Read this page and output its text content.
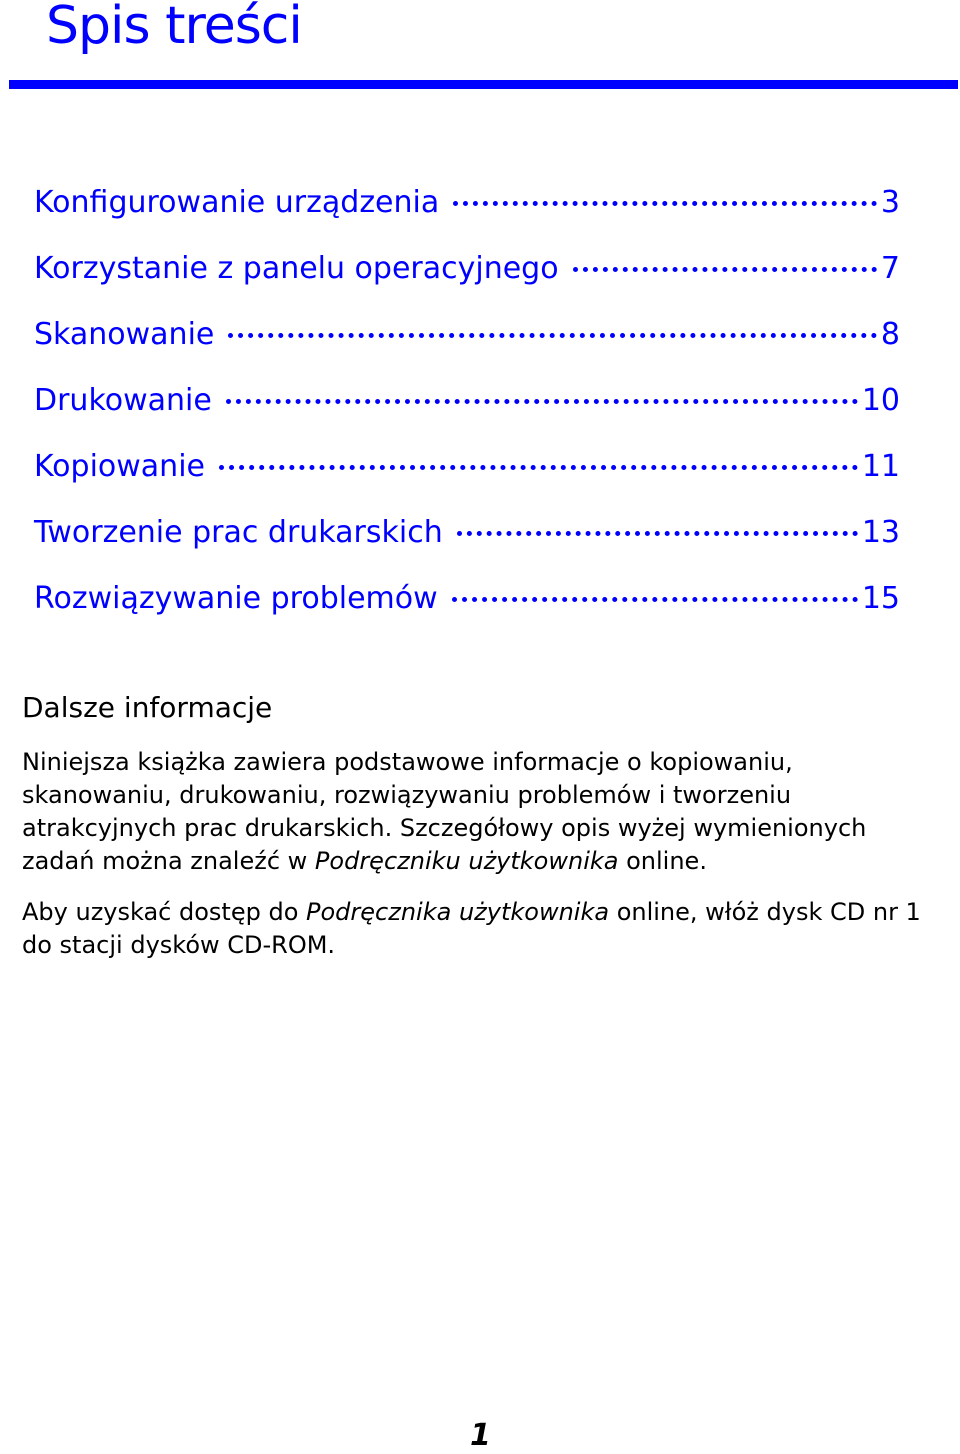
Spis treści
Konfigurowanie urządzenia	3
Korzystanie z panelu operacyjnego	7
Skanowanie	8
Drukowanie	10
Kopiowanie	11
Tworzenie prac drukarskich	13
Rozwiązywanie problemów	15
Dalsze informacje

Niniejsza książka zawiera podstawowe informacje o kopiowaniu, skanowaniu, drukowaniu, rozwiązywaniu problemów i tworzeniu atrakcyjnych prac drukarskich. Szczegółowy opis wyżej wymienionych zadań można znaleźć w Podręczniku użytkownika online.

Aby uzyskać dostęp do Podręcznika użytkownika online, włóż dysk CD nr 1 do stacji dysków CD-ROM.

1
